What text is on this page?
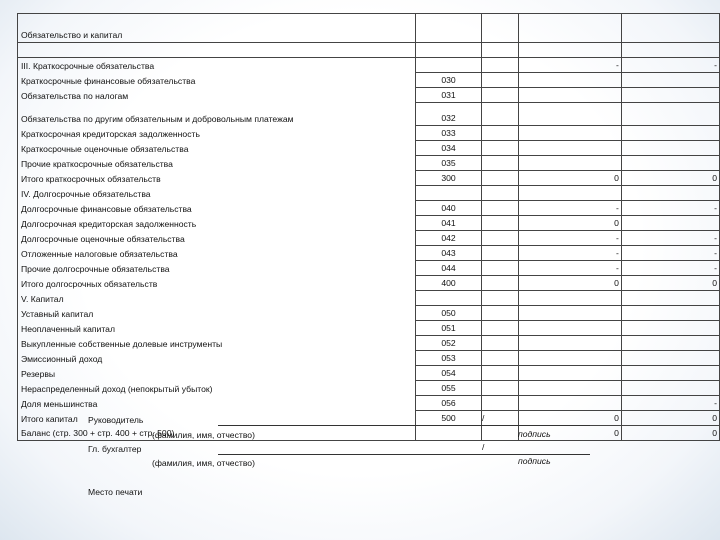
Обязательство и капитал				

III. Краткосрочные обязательства			-	-
Краткосрочные финансовые обязательства	030			
Обязательства по налогам	031			
Обязательства по другим обязательным и добровольным платежам	032			
Краткосрочная кредиторская задолженность	033			
Краткосрочные оценочные обязательства	034			
Прочие краткосрочные обязательства	035			
Итого краткосрочных обязательств	300		0	0
IV. Долгосрочные обязательства				
Долгосрочные финансовые обязательства	040		-	-
Долгосрочная кредиторская задолженность	041		0	
Долгосрочные оценочные обязательства	042		-	-
Отложенные налоговые обязательства	043		-	-
Прочие долгосрочные обязательства	044		-	-
Итого долгосрочных обязательств	400		0	0
V. Капитал				
Уставный капитал	050			
Неоплаченный капитал	051			
Выкупленные собственные долевые инструменты	052			
Эмиссионный доход	053			
Резервы	054			
Нераспределенный доход (непокрытый убыток)	055			
Доля меньшинства	056			-
Итого капитал	500		0	0
Баланс (стр. 300 + стр. 400 + стр. 500)			0	0
Руководитель	/
(фамилия, имя, отчество)	подпись
Гл. бухгалтер	/
(фамилия, имя, отчество)	подпись
Место печати
